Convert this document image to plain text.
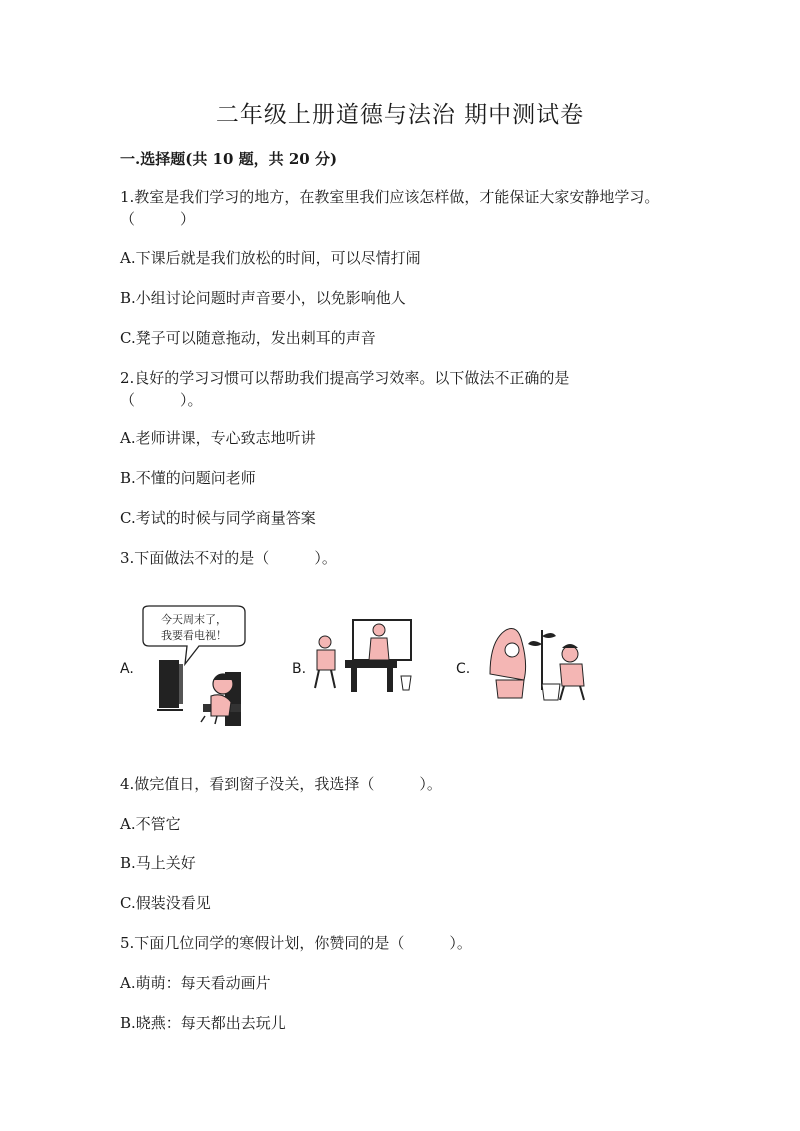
二年级上册道德与法治 期中测试卷
一.选择题(共 10 题，共 20 分)
1.教室是我们学习的地方，在教室里我们应该怎样做，才能保证大家安静地学习。（　　　）
A.下课后就是我们放松的时间，可以尽情打闹
B.小组讨论问题时声音要小，以免影响他人
C.凳子可以随意拖动，发出刺耳的声音
2.良好的学习习惯可以帮助我们提高学习效率。以下做法不正确的是（　　　）。
A.老师讲课，专心致志地听讲
B.不懂的问题问老师
C.考试的时候与同学商量答案
3.下面做法不对的是（　　　）。
A.
今天周末了，
我要看电视！
B.	C.
4.做完值日，看到窗子没关，我选择（　　　）。
A.不管它
B.马上关好
C.假装没看见
5.下面几位同学的寒假计划，你赞同的是（　　　）。
A.萌萌：每天看动画片
B.晓燕：每天都出去玩儿
